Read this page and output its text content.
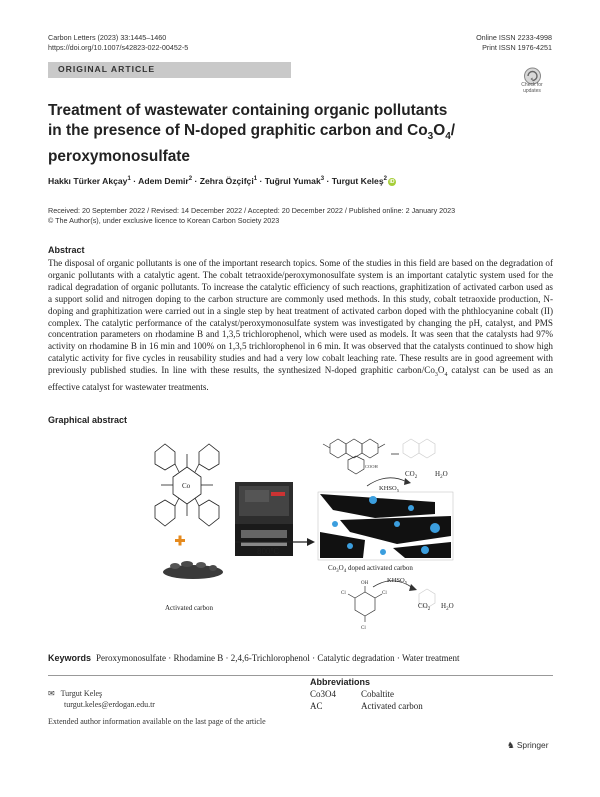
Carbon Letters (2023) 33:1445–1460
https://doi.org/10.1007/s42823-022-00452-5
Online ISSN 2233-4998
Print ISSN 1976-4251
ORIGINAL ARTICLE
Check for
updates
Treatment of wastewater containing organic pollutants
in the presence of N-doped graphitic carbon and $Co_3O_4/$
peroxymonosulfate
Hakkı Türker Akçay$^1$ · Adem Demir$^2$ · Zehra Özçifçi$^1$ · Tuğrul Yumak$^3$ · Turgut Keleş$^2$ iD
Received: 20 September 2022 / Revised: 14 December 2022 / Accepted: 20 December 2022 / Published online: 2 January 2023
© The Author(s), under exclusive licence to Korean Carbon Society 2023
Abstract
The disposal of organic pollutants is one of the important research topics. Some of the studies in this field are based on the degradation of organic pollutants with a catalytic agent. The cobalt tetraoxide/peroxymonosulfate system is an important catalytic system used for the radical degradation of organic pollutants. To increase the catalytic efficiency of such reactions, graphitization of activated carbon used as a support solid and nitrogen doping to the carbon structure are commonly used methods. In this study, cobalt tetraoxide production, N-doping and graphitization were carried out in a single step by heat treatment of activated carbon doped with the phthlocyanine cobalt (II) complex. The catalytic performance of the catalyst/peroxymonosulfate system was investigated by changing the pH, catalyst, and PMS concentration parameters on rhodamine B and 1,3,5 trichlorophenol, which were used as models. It was seen that the catalysts had 97% activity on rhodamine B in 16 min and 100% on 1,3,5 trichlorophenol in 6 min. It was observed that the catalysts continued to show high catalytic activity for five cycles in reusability studies and had a very low cobalt leaching rate. These results are in good agreement with previously published studies. In line with these results, the synthesized N-doped graphitic carbon/$Co_3O_4$ catalyst can be used as an effective catalyst for wastewater treatments.
Graphical abstract
Co
Activated carbon
800°C
$Co_3O_4$ doped activated carbon
COOH
$CO_2$	$H_2O$
$KHSO_5$
OH
Cl	Cl
Cl
$KHSO_5$
$CO_2$ $H_2O$
Keywords Peroxymonosulfate · Rhodamine B · 2,4,6-Trichlorophenol · Catalytic degradation · Water treatment
✉ Turgut Keleş
turgut.keles@erdogan.edu.tr
Extended author information available on the last page of the article
Abbreviations
Co3O4	Cobaltite
AC	Activated carbon
♞ Springer
